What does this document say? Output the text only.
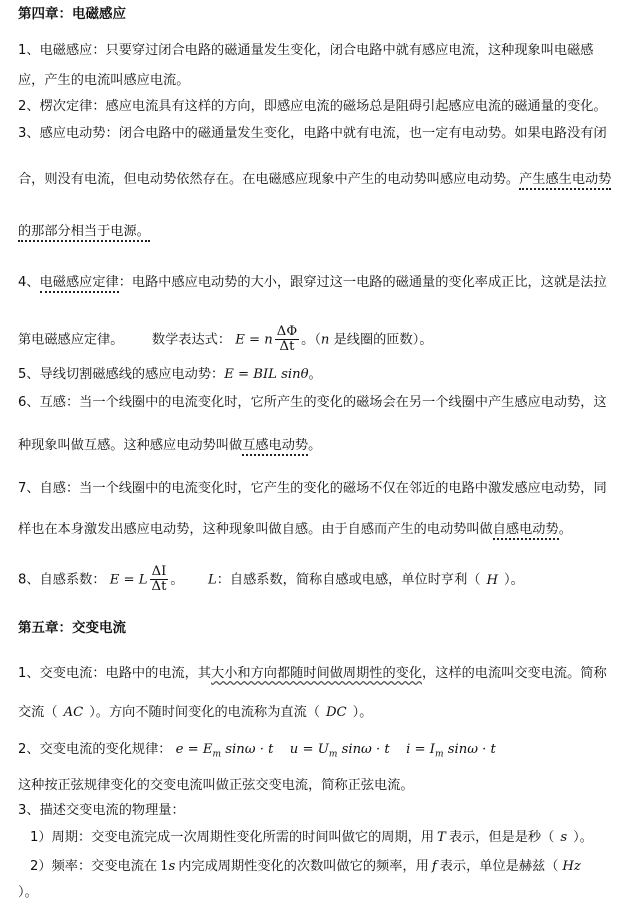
第四章：电磁感应
1、电磁感应：只要穿过闭合电路的磁通量发生变化，闭合电路中就有感应电流，这种现象叫电磁感
应，产生的电流叫感应电流。
2、楞次定律：感应电流具有这样的方向，即感应电流的磁场总是阻碍引起感应电流的磁通量的变化。
3、感应电动势：闭合电路中的磁通量发生变化，电路中就有电流，也一定有电动势。如果电路没有闭
合，则没有电流，但电动势依然存在。在电磁感应现象中产生的电动势叫感应电动势。产生感生电动势
的那部分相当于电源。
4、电磁感应定律：电路中感应电动势的大小，跟穿过这一电路的磁通量的变化率成正比，这就是法拉
第电磁感应定律。 数学表达式： E = n $\frac{\Delta\Phi}{\Delta t}$ 。（n 是线圈的匝数）。
5、导线切割磁感线的感应电动势：E = BIL sinθ。
6、互感：当一个线圈中的电流变化时，它所产生的变化的磁场会在另一个线圈中产生感应电动势，这
种现象叫做互感。这种感应电动势叫做互感电动势。
7、自感：当一个线圈中的电流变化时，它产生的变化的磁场不仅在邻近的电路中激发感应电动势，同
样也在本身激发出感应电动势，这种现象叫做自感。由于自感而产生的电动势叫做自感电动势。
8、自感系数： E = L $\frac{\Delta I}{\Delta t}$ 。 L：自感系数，简称自感或电感，单位时亨利（ H ）。
第五章：交变电流
1、交变电流：电路中的电流，其大小和方向都随时间做周期性的变化，这样的电流叫交变电流。简称
交流（ AC ）。方向不随时间变化的电流称为直流（ DC ）。
2、交变电流的变化规律： $e = E_m$ sinω · t $u = U_m$ sinω · t $i = I_m$ sinω · t
这种按正弦规律变化的交变电流叫做正弦交变电流，简称正弦电流。
3、描述交变电流的物理量：
1）周期：交变电流完成一次周期性变化所需的时间叫做它的周期，用 T 表示，但是是秒（ s ）。
2）频率：交变电流在 1s 内完成周期性变化的次数叫做它的频率，用 f 表示，单位是赫兹（ Hz
）。
